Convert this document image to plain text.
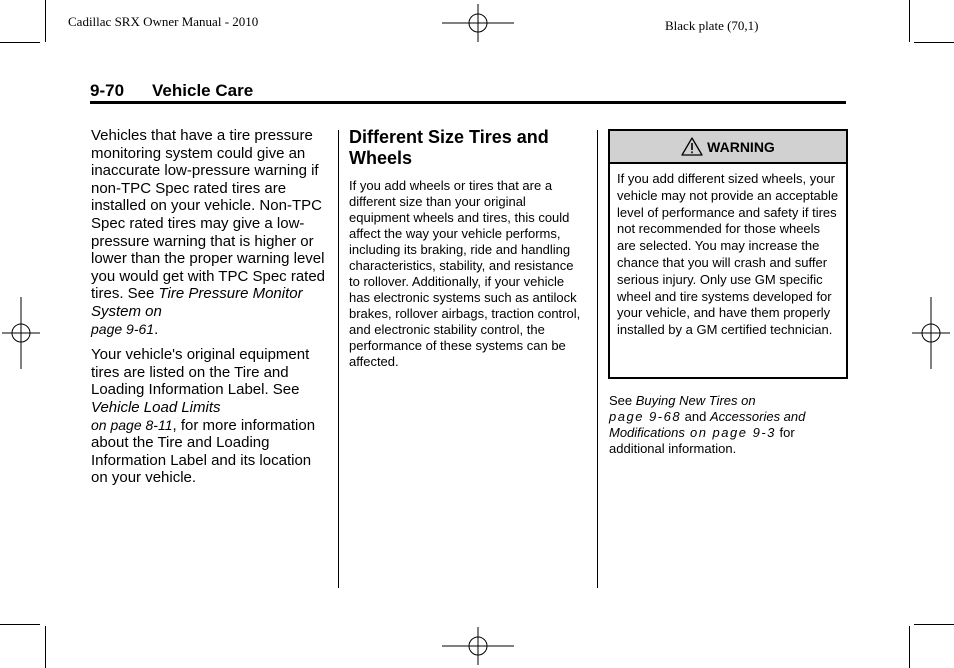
Cadillac SRX Owner Manual - 2010	Black plate (70,1)
9-70 Vehicle Care

Vehicles that have a tire pressure monitoring system could give an inaccurate low-pressure warning if non-TPC Spec rated tires are installed on your vehicle. Non-TPC Spec rated tires may give a low-pressure warning that is higher or lower than the proper warning level you would get with TPC Spec rated tires. See Tire Pressure Monitor System on
page 9-61.

Your vehicle's original equipment tires are listed on the Tire and Loading Information Label. See Vehicle Load Limits
on page 8-11, for more information about the Tire and Loading Information Label and its location on your vehicle.

Different Size Tires and Wheels

If you add wheels or tires that are a different size than your original equipment wheels and tires, this could affect the way your vehicle performs, including its braking, ride and handling characteristics, stability, and resistance to rollover. Additionally, if your vehicle has electronic systems such as antilock brakes, rollover airbags, traction control, and electronic stability control, the performance of these systems can be affected.

WARNING
If you add different sized wheels, your vehicle may not provide an acceptable level of performance and safety if tires not recommended for those wheels are selected. You may increase the chance that you will crash and suffer serious injury. Only use GM specific wheel and tire systems developed for your vehicle, and have them properly installed by a GM certified technician.
See Buying New Tires on
page 9-68 and Accessories and Modifications on page 9-3 for additional information.
